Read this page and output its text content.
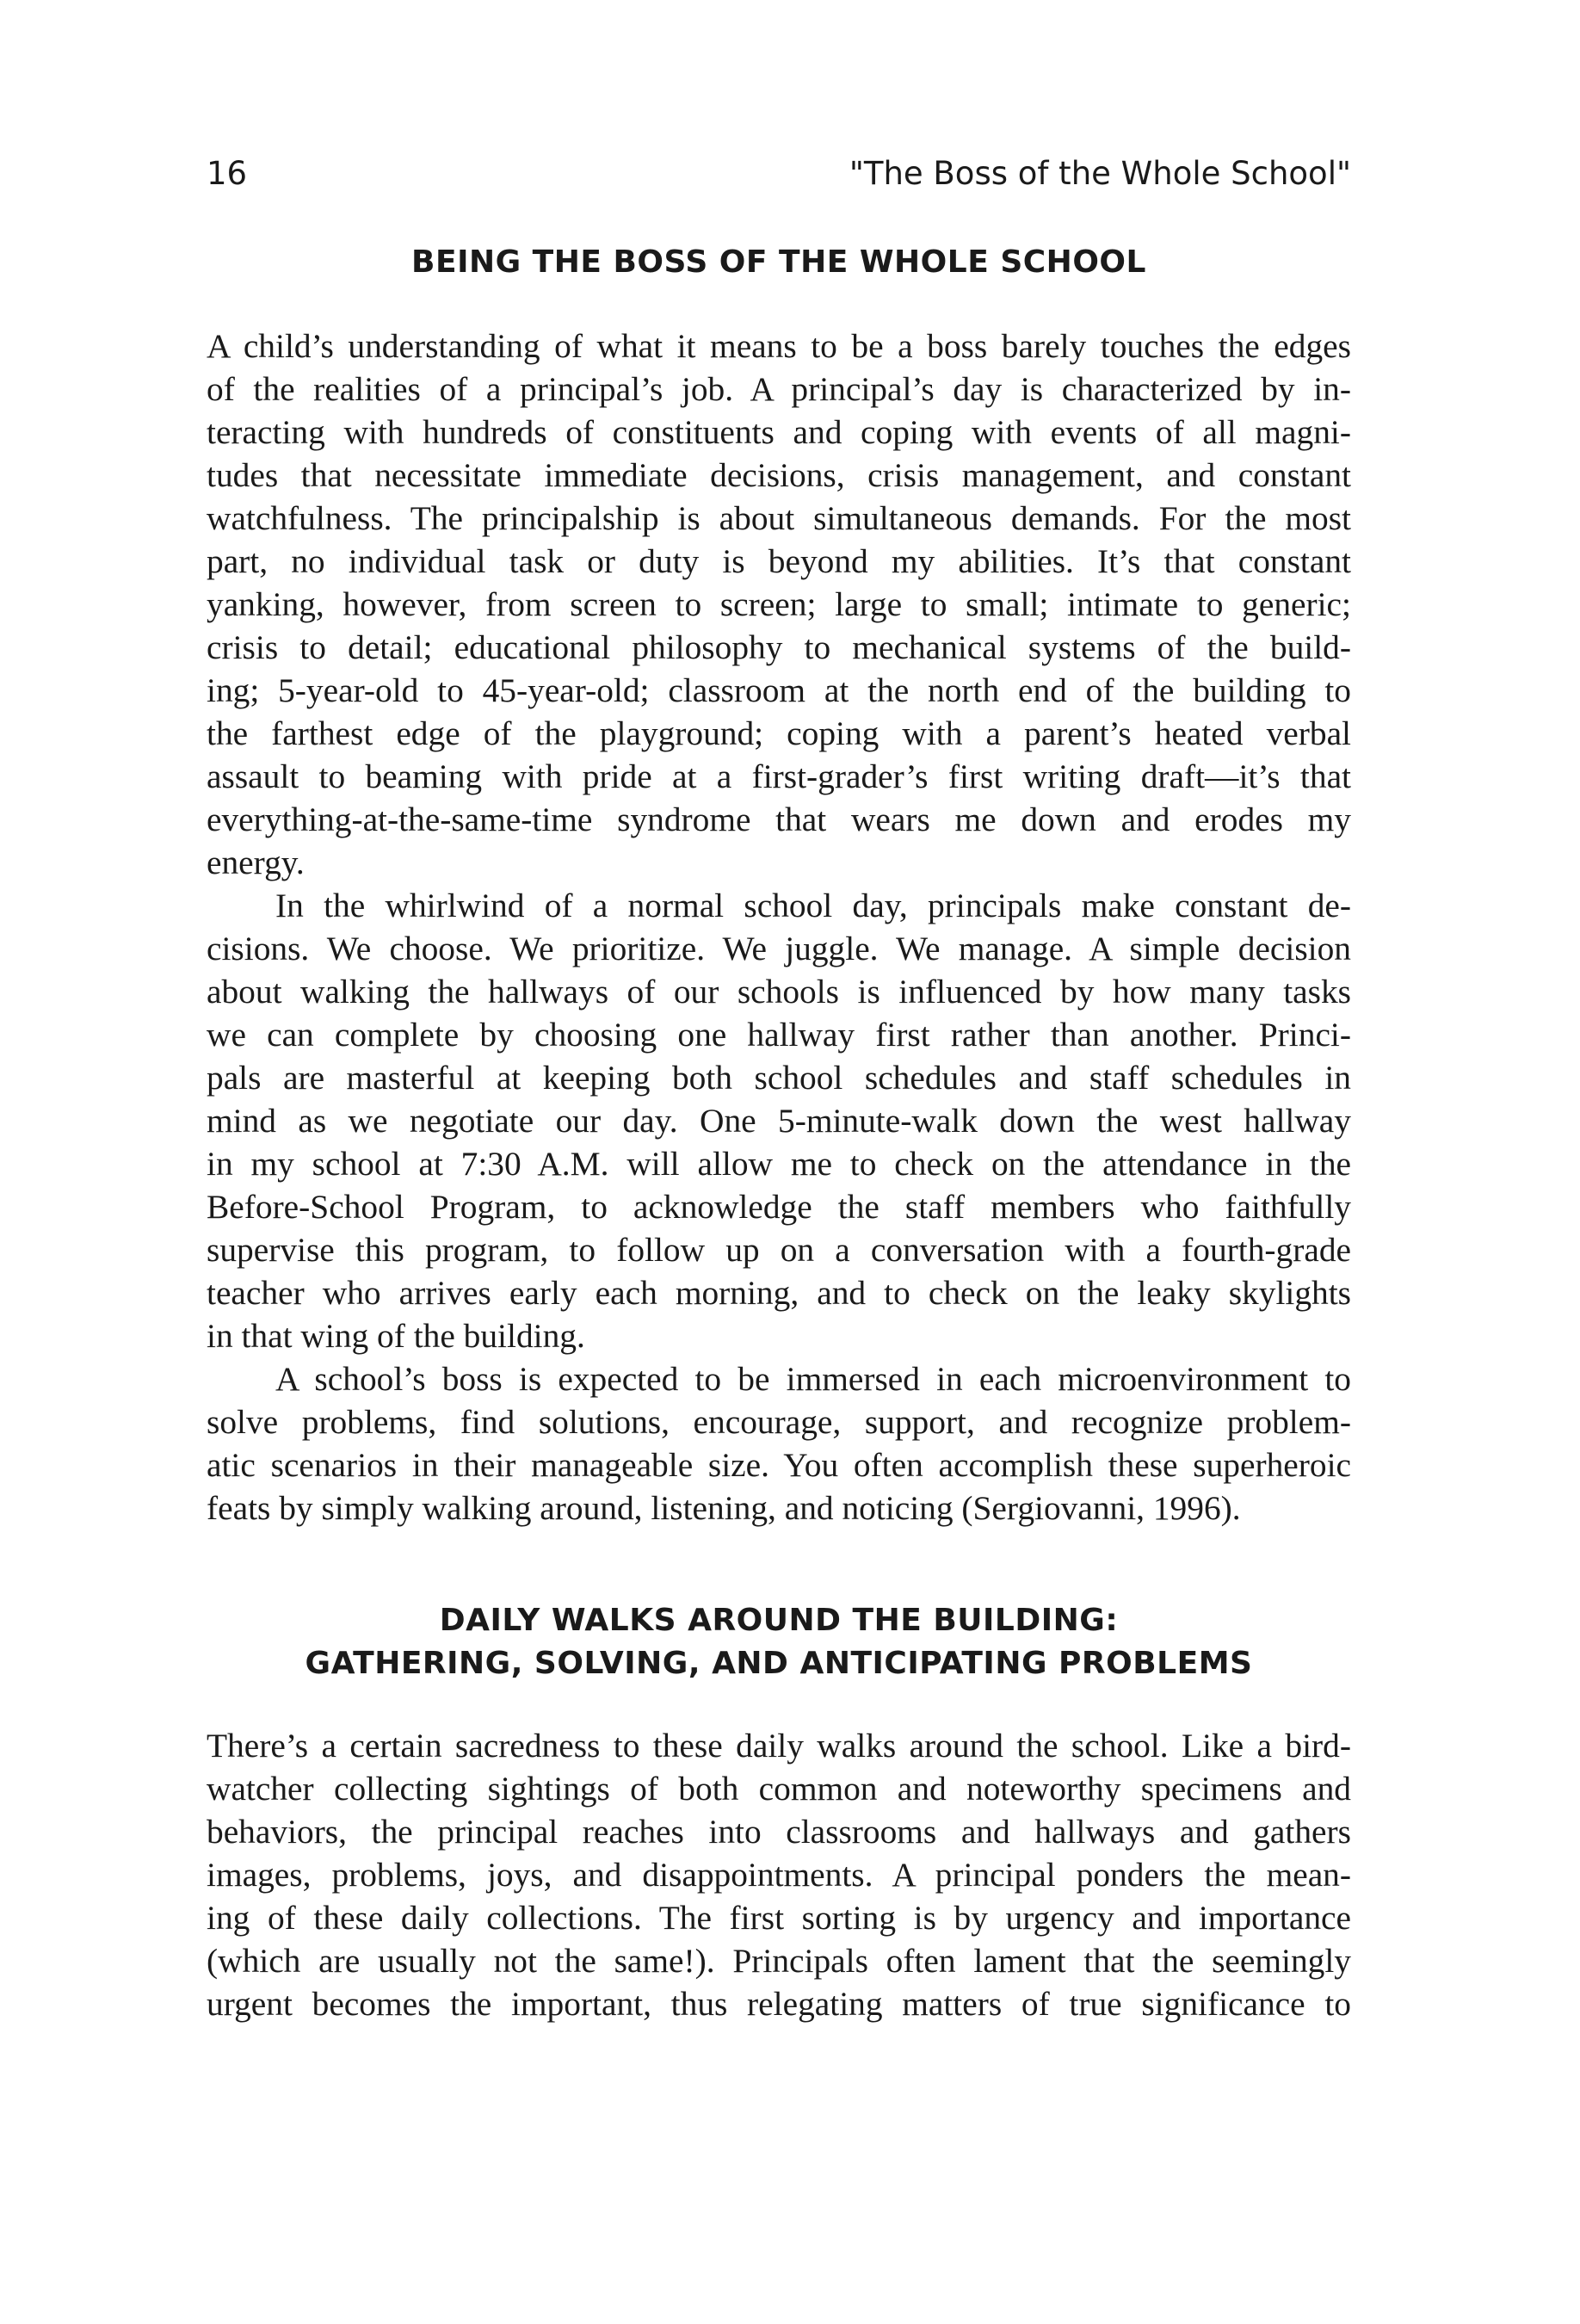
16	"The Boss of the Whole School"
BEING THE BOSS OF THE WHOLE SCHOOL

A child’s understanding of what it means to be a boss barely touches the edges
of the realities of a principal’s job. A principal’s day is characterized by in-
teracting with hundreds of constituents and coping with events of all magni-
tudes that necessitate immediate decisions, crisis management, and constant
watchfulness. The principalship is about simultaneous demands. For the most
part, no individual task or duty is beyond my abilities. It’s that constant
yanking, however, from screen to screen; large to small; intimate to generic;
crisis to detail; educational philosophy to mechanical systems of the build-
ing; 5-year-old to 45-year-old; classroom at the north end of the building to
the farthest edge of the playground; coping with a parent’s heated verbal
assault to beaming with pride at a first-grader’s first writing draft—it’s that
everything-at-the-same-time syndrome that wears me down and erodes my
energy.

In the whirlwind of a normal school day, principals make constant de-
cisions. We choose. We prioritize. We juggle. We manage. A simple decision
about walking the hallways of our schools is influenced by how many tasks
we can complete by choosing one hallway first rather than another. Princi-
pals are masterful at keeping both school schedules and staff schedules in
mind as we negotiate our day. One 5-minute-walk down the west hallway
in my school at 7:30 A.M. will allow me to check on the attendance in the
Before-School Program, to acknowledge the staff members who faithfully
supervise this program, to follow up on a conversation with a fourth-grade
teacher who arrives early each morning, and to check on the leaky skylights
in that wing of the building.

A school’s boss is expected to be immersed in each microenvironment to
solve problems, find solutions, encourage, support, and recognize problem-
atic scenarios in their manageable size. You often accomplish these superheroic
feats by simply walking around, listening, and noticing (Sergiovanni, 1996).

DAILY WALKS AROUND THE BUILDING:
GATHERING, SOLVING, AND ANTICIPATING PROBLEMS

There’s a certain sacredness to these daily walks around the school. Like a bird-
watcher collecting sightings of both common and noteworthy specimens and
behaviors, the principal reaches into classrooms and hallways and gathers
images, problems, joys, and disappointments. A principal ponders the mean-
ing of these daily collections. The first sorting is by urgency and importance
(which are usually not the same!). Principals often lament that the seemingly
urgent becomes the important, thus relegating matters of true significance to
